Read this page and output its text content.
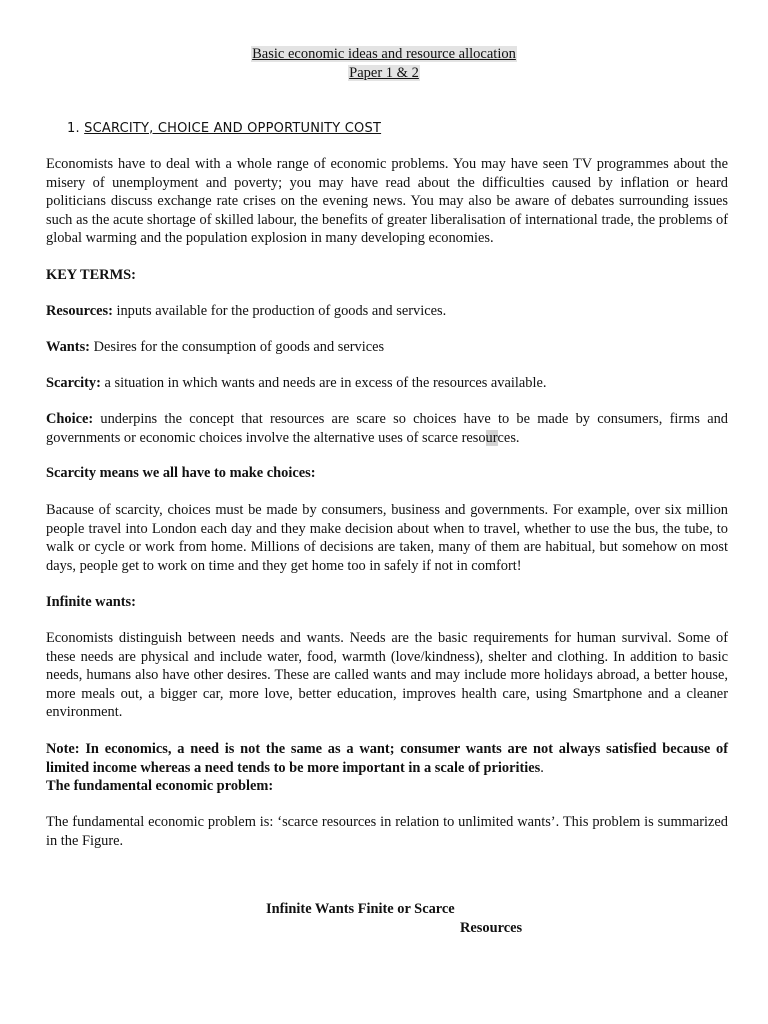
Basic economic ideas and resource allocation
Paper 1 & 2
1. SCARCITY, CHOICE AND OPPORTUNITY COST

Economists have to deal with a whole range of economic problems. You may have seen TV programmes about the misery of unemployment and poverty; you may have read about the difficulties caused by inflation or heard politicians discuss exchange rate crises on the evening news. You may also be aware of debates surrounding issues such as the acute shortage of skilled labour, the benefits of greater liberalisation of international trade, the problems of global warming and the population explosion in many developing economies.

KEY TERMS:

Resources: inputs available for the production of goods and services.

Wants: Desires for the consumption of goods and services

Scarcity: a situation in which wants and needs are in excess of the resources available.

Choice: underpins the concept that resources are scare so choices have to be made by consumers, firms and governments or economic choices involve the alternative uses of scarce resources.

Scarcity means we all have to make choices:

Bacause of scarcity, choices must be made by consumers, business and governments. For example, over six million people travel into London each day and they make decision about when to travel, whether to use the bus, the tube, to walk or cycle or work from home. Millions of decisions are taken, many of them are habitual, but somehow on most days, people get to work on time and they get home too in safely if not in comfort!

Infinite wants:

Economists distinguish between needs and wants. Needs are the basic requirements for human survival. Some of these needs are physical and include water, food, warmth (love/kindness), shelter and clothing. In addition to basic needs, humans also have other desires. These are called wants and may include more holidays abroad, a better house, more meals out, a bigger car, more love, better education, improves health care, using Smartphone and a cleaner environment.

Note: In economics, a need is not the same as a want; consumer wants are not always satisfied because of limited income whereas a need tends to be more important in a scale of priorities.

The fundamental economic problem:

The fundamental economic problem is: ‘scarce resources in relation to unlimited wants’. This problem is summarized in the Figure.

Infinite Wants Finite or Scarce
Resources
